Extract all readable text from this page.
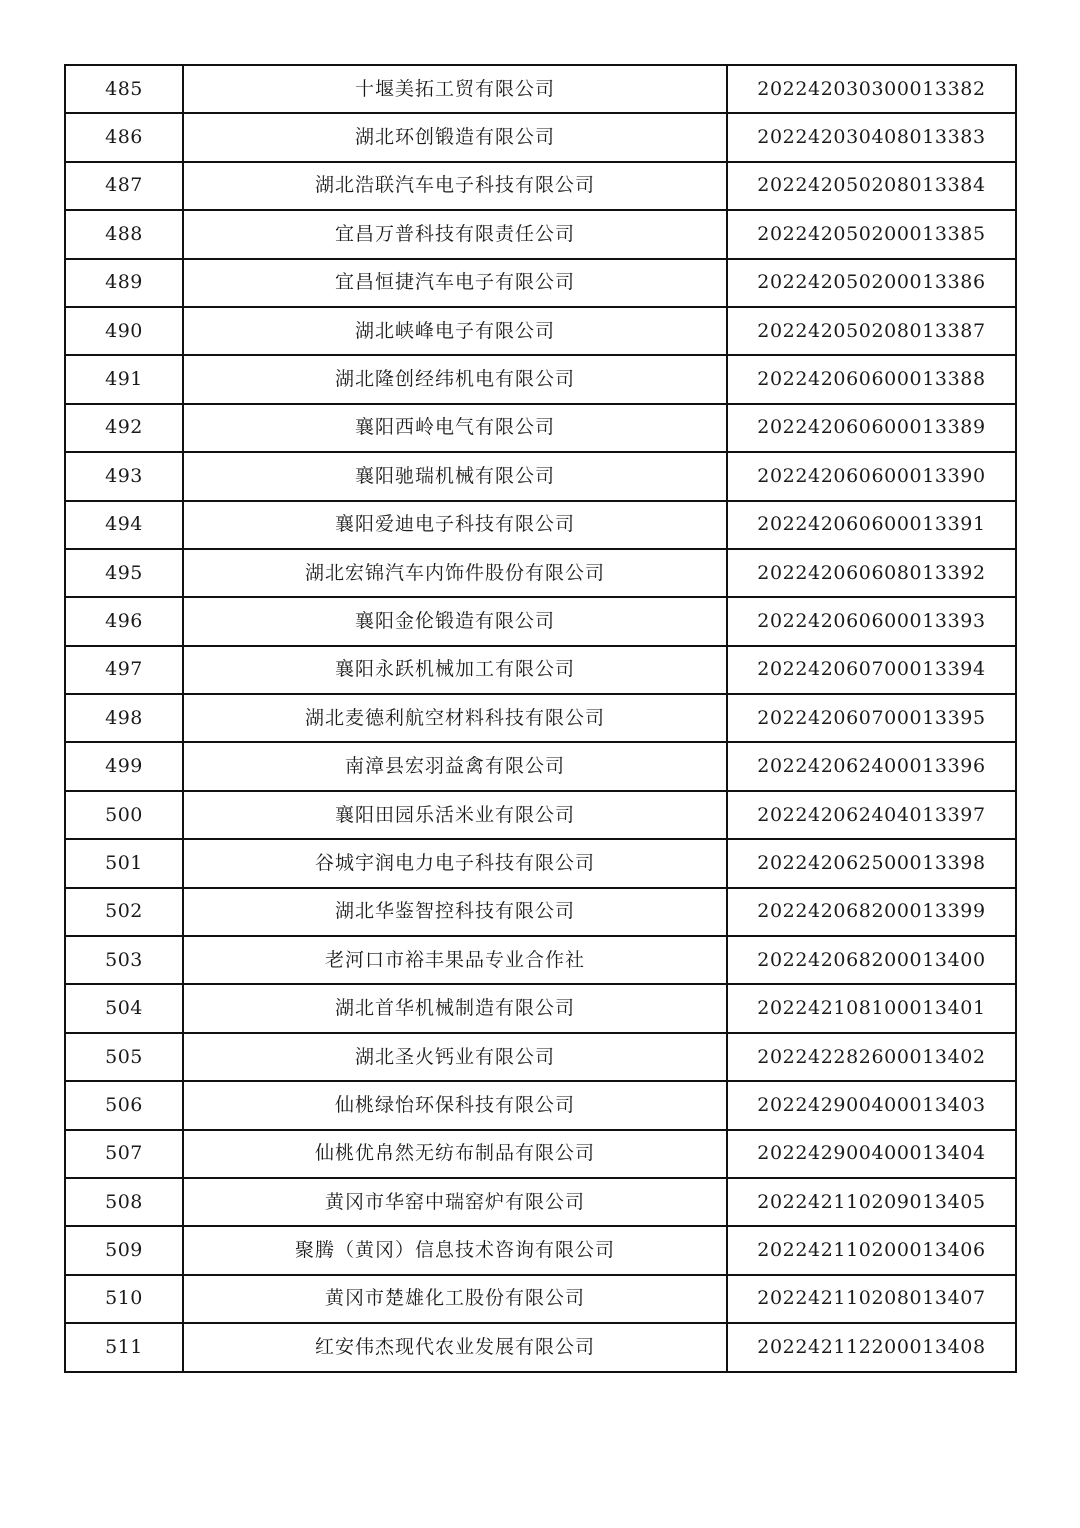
485	十堰美拓工贸有限公司	202242030300013382
486	湖北环创锻造有限公司	202242030408013383
487	湖北浩联汽车电子科技有限公司	202242050208013384
488	宜昌万普科技有限责任公司	202242050200013385
489	宜昌恒捷汽车电子有限公司	202242050200013386
490	湖北峡峰电子有限公司	202242050208013387
491	湖北隆创经纬机电有限公司	202242060600013388
492	襄阳西岭电气有限公司	202242060600013389
493	襄阳驰瑞机械有限公司	202242060600013390
494	襄阳爱迪电子科技有限公司	202242060600013391
495	湖北宏锦汽车内饰件股份有限公司	202242060608013392
496	襄阳金伦锻造有限公司	202242060600013393
497	襄阳永跃机械加工有限公司	202242060700013394
498	湖北麦德利航空材料科技有限公司	202242060700013395
499	南漳县宏羽益禽有限公司	202242062400013396
500	襄阳田园乐活米业有限公司	202242062404013397
501	谷城宇润电力电子科技有限公司	202242062500013398
502	湖北华鉴智控科技有限公司	202242068200013399
503	老河口市裕丰果品专业合作社	202242068200013400
504	湖北首华机械制造有限公司	202242108100013401
505	湖北圣火钙业有限公司	202242282600013402
506	仙桃绿怡环保科技有限公司	202242900400013403
507	仙桃优帛然无纺布制品有限公司	202242900400013404
508	黄冈市华窑中瑞窑炉有限公司	202242110209013405
509	聚腾（黄冈）信息技术咨询有限公司	202242110200013406
510	黄冈市楚雄化工股份有限公司	202242110208013407
511	红安伟杰现代农业发展有限公司	202242112200013408
